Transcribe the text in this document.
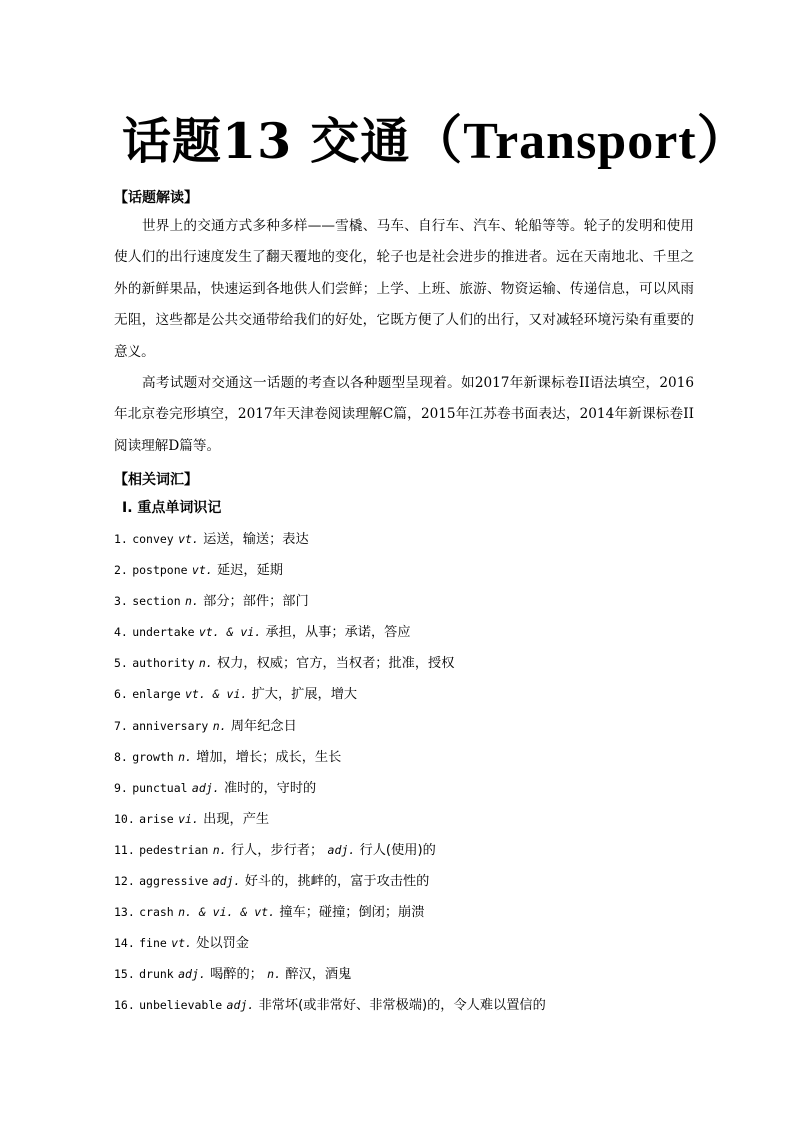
话题13 交通（Transport）
【话题解读】

世界上的交通方式多种多样——雪橇、马车、自行车、汽车、轮船等等。轮子的发明和使用使人们的出行速度发生了翻天覆地的变化，轮子也是社会进步的推进者。远在天南地北、千里之外的新鲜果品，快速运到各地供人们尝鲜；上学、上班、旅游、物资运输、传递信息，可以风雨无阻，这些都是公共交通带给我们的好处，它既方便了人们的出行，又对减轻环境污染有重要的意义。

高考试题对交通这一话题的考查以各种题型呈现着。如2017年新课标卷II语法填空，2016年北京卷完形填空，2017年天津卷阅读理解C篇，2015年江苏卷书面表达，2014年新课标卷II阅读理解D篇等。

【相关词汇】
Ⅰ. 重点单词识记
1. convey vt. 运送，输送；表达
2. postpone vt. 延迟，延期
3. section n. 部分；部件；部门
4. undertake vt. & vi. 承担，从事；承诺，答应
5. authority n. 权力，权威；官方，当权者；批准，授权
6. enlarge vt. & vi. 扩大，扩展，增大
7. anniversary n. 周年纪念日
8. growth n. 增加，增长；成长，生长
9. punctual adj. 准时的，守时的
10. arise vi. 出现，产生
11. pedestrian n. 行人，步行者； adj. 行人(使用)的
12. aggressive adj. 好斗的，挑衅的，富于攻击性的
13. crash n. & vi. & vt. 撞车；碰撞；倒闭；崩溃
14. fine vt. 处以罚金
15. drunk adj. 喝醉的； n. 醉汉，酒鬼
16. unbelievable adj. 非常坏(或非常好、非常极端)的，令人难以置信的
